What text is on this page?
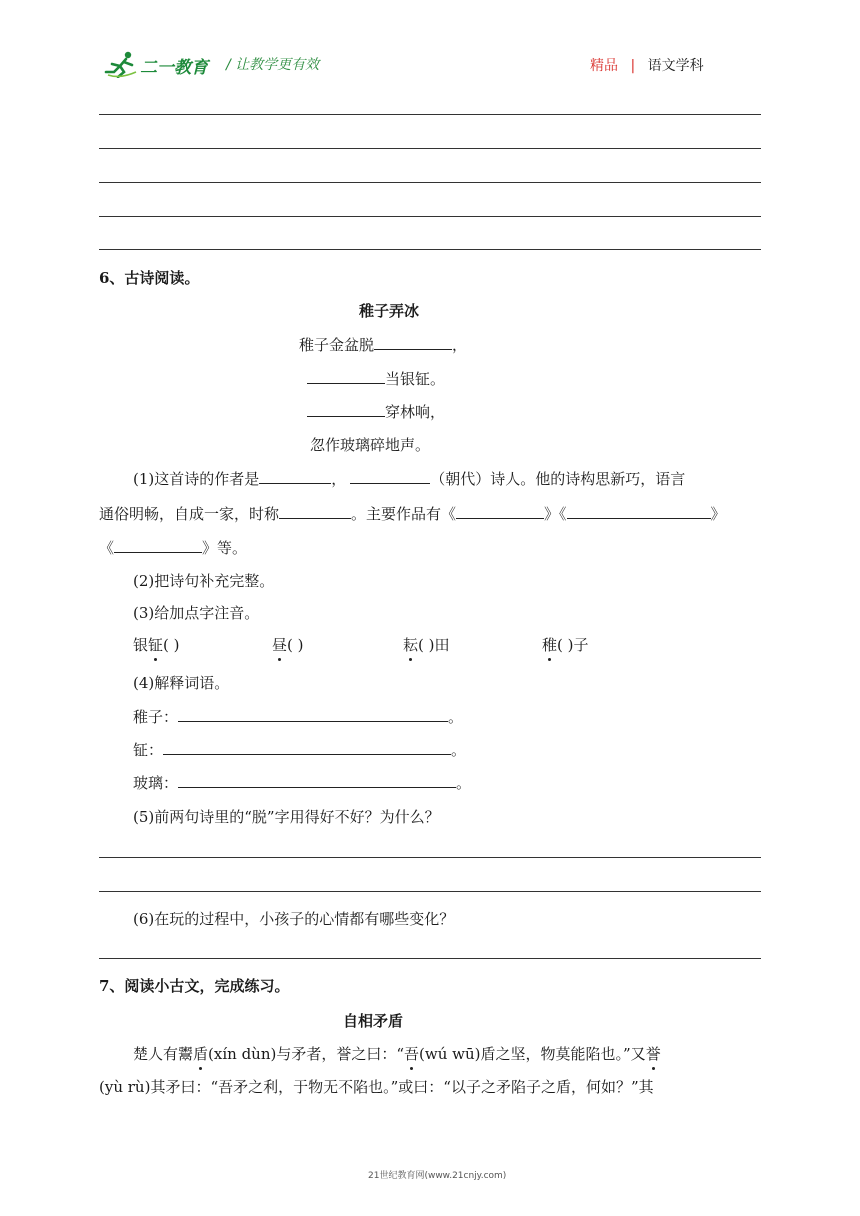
二一教育 / 让教学更有效	精品 | 语文学科
6、古诗阅读。
稚子弄冰
稚子金盆脱	，
当银钲。
穿林响，
忽作玻璃碎地声。
(1)这首诗的作者是	，	（朝代）诗人。他的诗构思新巧，语言
通俗明畅，自成一家，时称	。主要作品有《	》《	》
《	》等。
(2)把诗句补充完整。
(3)给加点字注音。
银钲( )	昼( )	耘( )田	稚( )子
(4)解释词语。
稚子：	。
钲：	。
玻璃：	。
(5)前两句诗里的“脱”字用得好不好？为什么？
(6)在玩的过程中，小孩子的心情都有哪些变化？
7、阅读小古文，完成练习。
自相矛盾
楚人有鬻盾(xín dùn)与矛者，誉之曰：“吾(wú wū)盾之坚，物莫能陷也。”又誉
(yù rù)其矛曰：“吾矛之利，于物无不陷也。”或曰：“以子之矛陷子之盾，何如？”其
21世纪教育网(www.21cnjy.com)
